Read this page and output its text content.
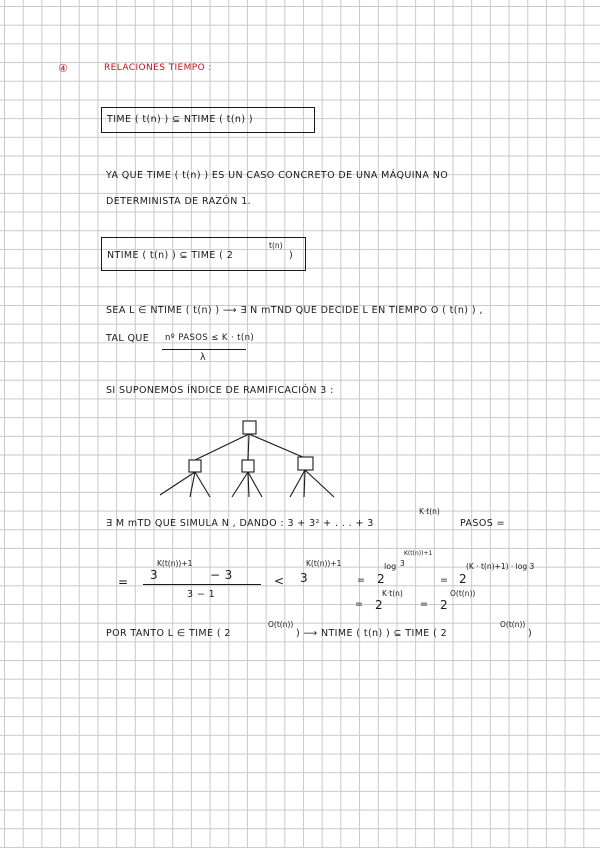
④	RELACIONES TIEMPO :
TIME ( t(n) ) ⊆ NTIME ( t(n) )
YA QUE TIME ( t(n) ) ES UN CASO CONCRETO DE UNA MÁQUINA NO
DETERMINISTA DE RAZÓN 1.
NTIME ( t(n) ) ⊆ TIME ( 2
t(n)
)
SEA L ∈ NTIME ( t(n) ) ⟶ ∃ N mTND QUE DECIDE L EN TIEMPO O ( t(n) ) ,
TAL QUE nº PASOS ≤ K · t(n)
λ
SI SUPONEMOS ÍNDICE DE RAMIFICACIÓN 3 :
∃ M mTD QUE SIMULA N , DANDO : 3 + 3² + . . . + 3
K·t(n)
PASOS =
= 3
K(t(n))+1
− 3
3 − 1
< 3
K(t(n))+1
= 2
log 3
K(t(n))+1
= 2
(K · t(n)+1) · log 3
= 2
K·t(n)
= 2
O(t(n))
POR TANTO L ∈ TIME ( 2
O(t(n))
) ⟶ NTIME ( t(n) ) ⊆ TIME ( 2
O(t(n))
)
